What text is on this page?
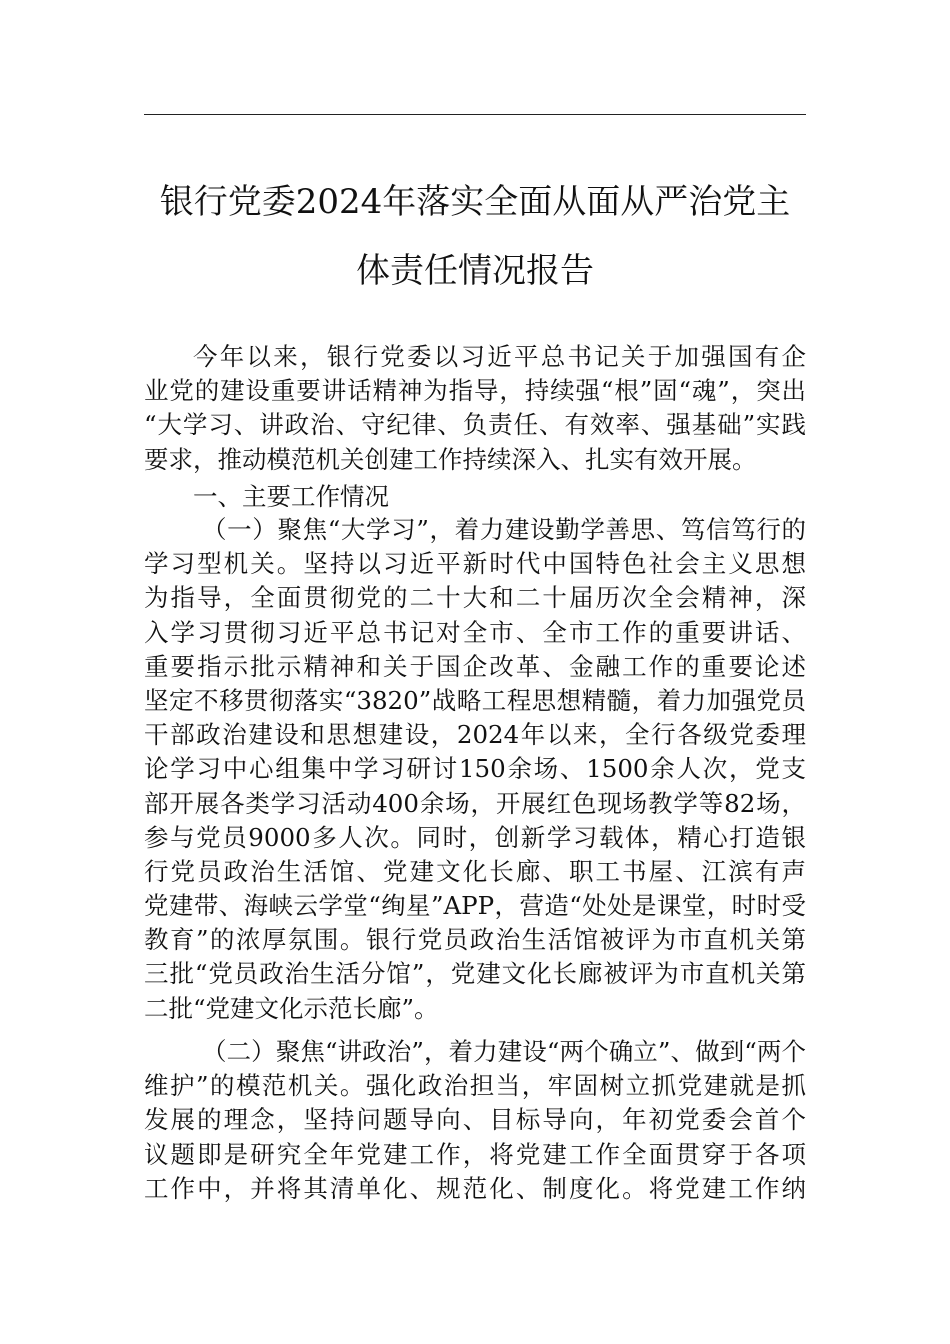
银行党委2024年落实全面从面从严治党主
体责任情况报告
今年以来，银行党委以习近平总书记关于加强国有企
业党的建设重要讲话精神为指导，持续强“根”固“魂”，突出
“大学习、讲政治、守纪律、负责任、有效率、强基础”实践
要求，推动模范机关创建工作持续深入、扎实有效开展。
一、主要工作情况
（一）聚焦“大学习”，着力建设勤学善思、笃信笃行的
学习型机关。坚持以习近平新时代中国特色社会主义思想
为指导，全面贯彻党的二十大和二十届历次全会精神，深
入学习贯彻习近平总书记对全市、全市工作的重要讲话、
重要指示批示精神和关于国企改革、金融工作的重要论述
坚定不移贯彻落实“3820”战略工程思想精髓，着力加强党员
干部政治建设和思想建设，2024年以来，全行各级党委理
论学习中心组集中学习研讨150余场、1500余人次，党支
部开展各类学习活动400余场，开展红色现场教学等82场，
参与党员9000多人次。同时，创新学习载体，精心打造银
行党员政治生活馆、党建文化长廊、职工书屋、江滨有声
党建带、海峡云学堂“绚星”APP，营造“处处是课堂，时时受
教育”的浓厚氛围。银行党员政治生活馆被评为市直机关第
三批“党员政治生活分馆”，党建文化长廊被评为市直机关第
二批“党建文化示范长廊”。
（二）聚焦“讲政治”，着力建设“两个确立”、做到“两个
维护”的模范机关。强化政治担当，牢固树立抓党建就是抓
发展的理念，坚持问题导向、目标导向，年初党委会首个
议题即是研究全年党建工作，将党建工作全面贯穿于各项
工作中，并将其清单化、规范化、制度化。将党建工作纳
